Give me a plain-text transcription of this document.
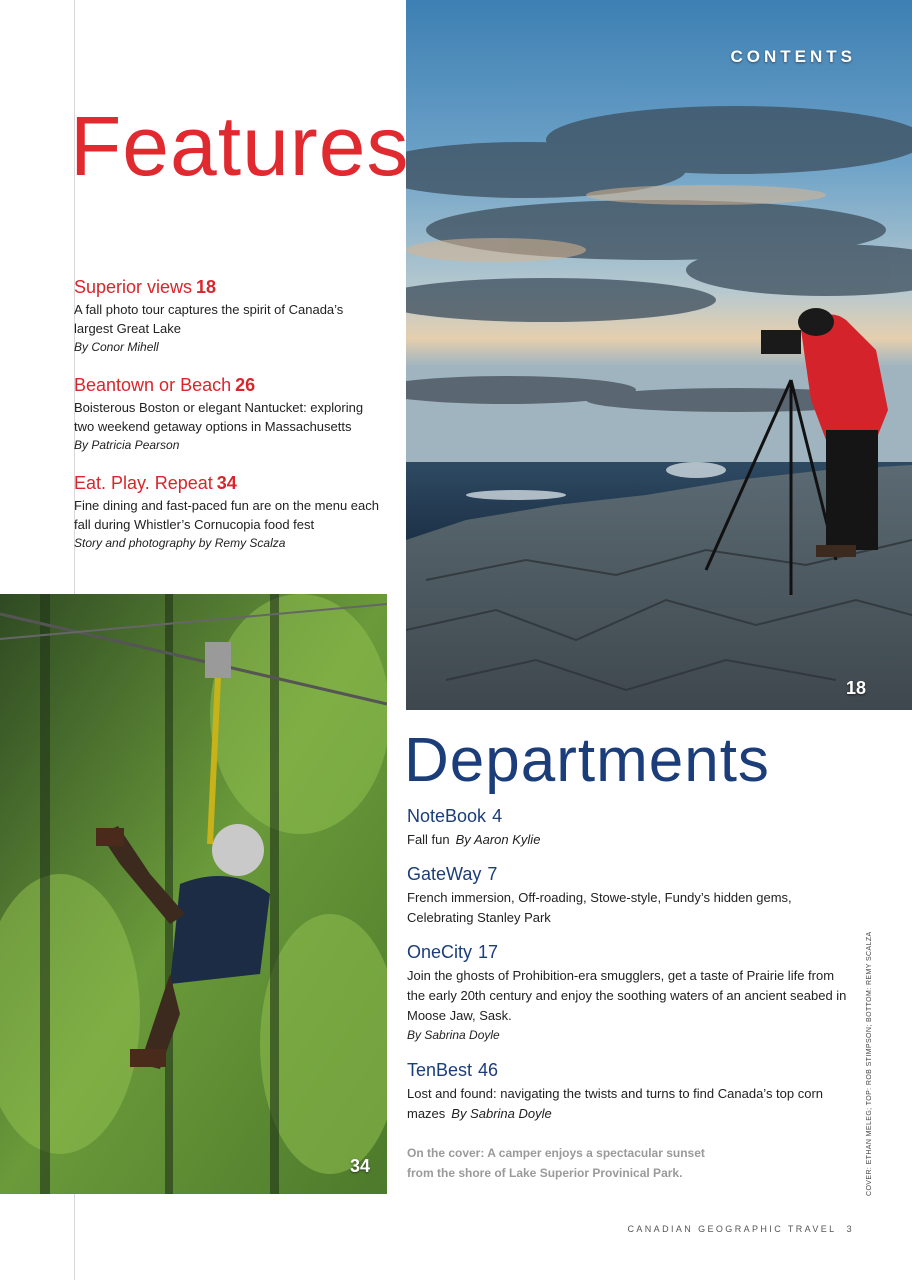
CONTENTS
18
Features
Superior views 18
A fall photo tour captures the spirit of Canada’s largest Great Lake
By Conor Mihell
Beantown or Beach 26
Boisterous Boston or elegant Nantucket: exploring two weekend getaway options in Massachusetts
By Patricia Pearson
Eat. Play. Repeat 34
Fine dining and fast-paced fun are on the menu each fall during Whistler’s Cornucopia food fest
Story and photography by Remy Scalza
34
Departments
NoteBook 4
Fall fun By Aaron Kylie
GateWay 7
French immersion, Off-roading, Stowe-style, Fundy’s hidden gems, Celebrating Stanley Park
OneCity 17
Join the ghosts of Prohibition-era smugglers, get a taste of Prairie life from the early 20th century and enjoy the soothing waters of an ancient seabed in Moose Jaw, Sask.
By Sabrina Doyle
TenBest 46
Lost and found: navigating the twists and turns to find Canada’s top corn mazes By Sabrina Doyle
On the cover: A camper enjoys a spectacular sunset
from the shore of Lake Superior Provinical Park.	COVER: ETHAN MELEG; TOP: ROB STIMPSON; BOTTOM: REMY SCALZA
CANADIAN GEOGRAPHIC TRAVEL 3
